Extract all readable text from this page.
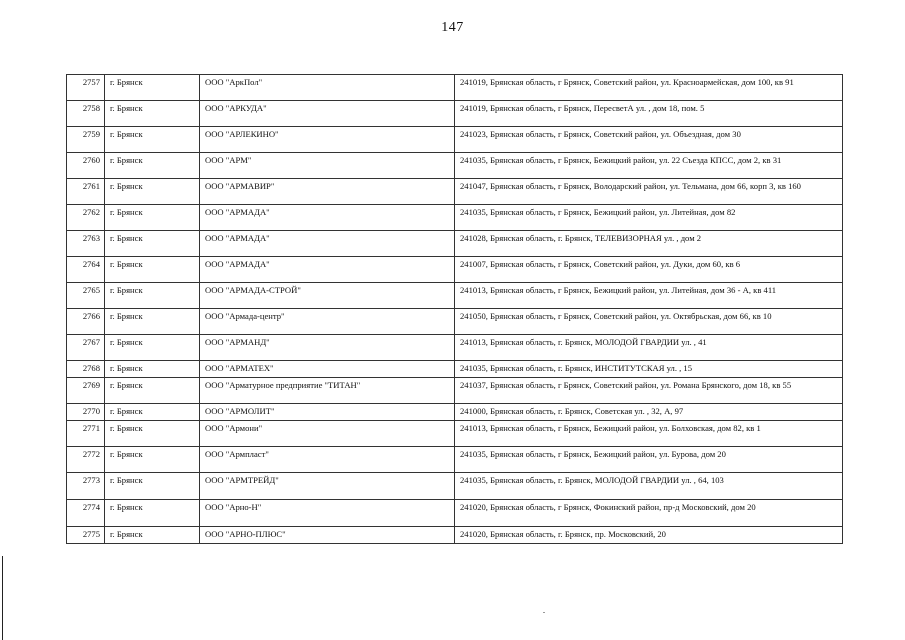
147
2757	г. Брянск	ООО "АркПол"	241019, Брянская область, г Брянск, Советский район, ул. Красноармейская, дом 100, кв 91
2758	г. Брянск	ООО "АРКУДА"	241019, Брянская область, г Брянск, ПересветА ул. , дом 18, пом. 5
2759	г. Брянск	ООО "АРЛЕКИНО"	241023, Брянская область, г Брянск, Советский район, ул. Объездная, дом 30
2760	г. Брянск	ООО "АРМ"	241035, Брянская область, г Брянск, Бежицкий район, ул. 22 Съезда КПСС, дом 2, кв 31
2761	г. Брянск	ООО "АРМАВИР"	241047, Брянская область, г Брянск, Володарский район, ул. Тельмана, дом 66, корп 3, кв 160
2762	г. Брянск	ООО "АРМАДА"	241035, Брянская область, г Брянск, Бежицкий район, ул. Литейная, дом 82
2763	г. Брянск	ООО "АРМАДА"	241028, Брянская область, г. Брянск, ТЕЛЕВИЗОРНАЯ ул. , дом 2
2764	г. Брянск	ООО "АРМАДА"	241007, Брянская область, г Брянск, Советский район, ул. Дуки, дом 60, кв 6
2765	г. Брянск	ООО "АРМАДА-СТРОЙ"	241013, Брянская область, г Брянск, Бежицкий район, ул. Литейная, дом 36 - А, кв 411
2766	г. Брянск	ООО "Армада-центр"	241050, Брянская область, г Брянск, Советский район, ул. Октябрьская, дом 66, кв 10
2767	г. Брянск	ООО "АРМАНД"	241013, Брянская область, г. Брянск, МОЛОДОЙ ГВАРДИИ ул. , 41
2768	г. Брянск	ООО "АРМАТЕХ"	241035, Брянская область, г. Брянск, ИНСТИТУТСКАЯ ул. , 15
2769	г. Брянск	ООО "Арматурное предприятие "ТИТАН"	241037, Брянская область, г Брянск, Советский район, ул. Романа Брянского, дом 18, кв 55
2770	г. Брянск	ООО "АРМОЛИТ"	241000, Брянская область, г. Брянск, Советская ул. , 32, А, 97
2771	г. Брянск	ООО "Армони"	241013, Брянская область, г Брянск, Бежицкий район, ул. Болховская, дом 82, кв 1
2772	г. Брянск	ООО "Армпласт"	241035, Брянская область, г Брянск, Бежицкий район, ул. Бурова, дом 20
2773	г. Брянск	ООО "АРМТРЕЙД"	241035, Брянская область, г. Брянск, МОЛОДОЙ ГВАРДИИ ул. , 64, 103
2774	г. Брянск	ООО "Арно-Н"	241020, Брянская область, г Брянск, Фокинский район, пр-д Московский, дом 20
2775	г. Брянск	ООО "АРНО-ПЛЮС"	241020, Брянская область, г. Брянск, пр. Московский, 20
